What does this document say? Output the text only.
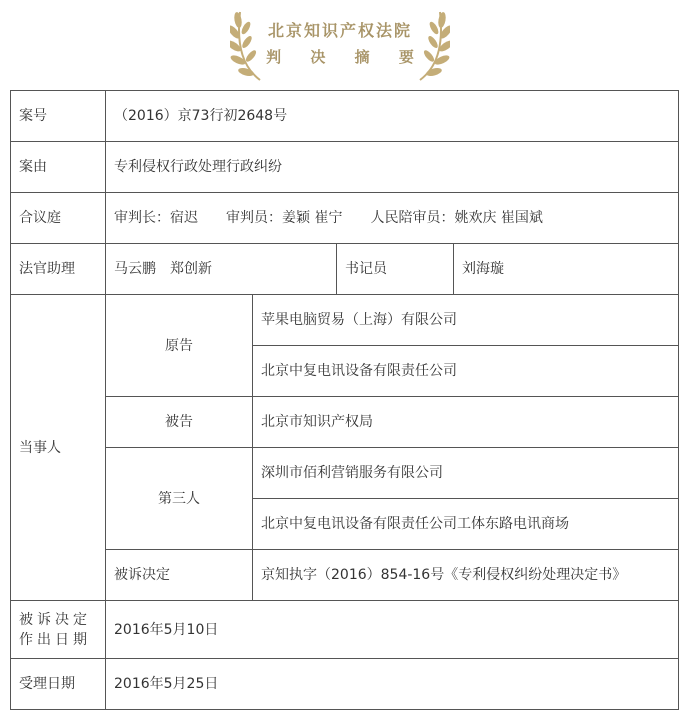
北京知识产权法院
判 决 摘 要
案号	（2016）京73行初2648号			
案由	专利侵权行政处理行政纠纷			
合议庭	审判长：宿迟 审判员：姜颖 崔宁 人民陪审员：姚欢庆 崔国斌			
法官助理	马云鹏　郑创新		书记员	刘海璇
当事人	原告	苹果电脑贸易（上海）有限公司		
		北京中复电讯设备有限责任公司		
	被告	北京市知识产权局		
	第三人	深圳市佰利营销服务有限公司		
		北京中复电讯设备有限责任公司工体东路电讯商场		
	被诉决定	京知执字（2016）854-16号《专利侵权纠纷处理决定书》		
被诉决定作出日期	2016年5月10日			
受理日期	2016年5月25日			
